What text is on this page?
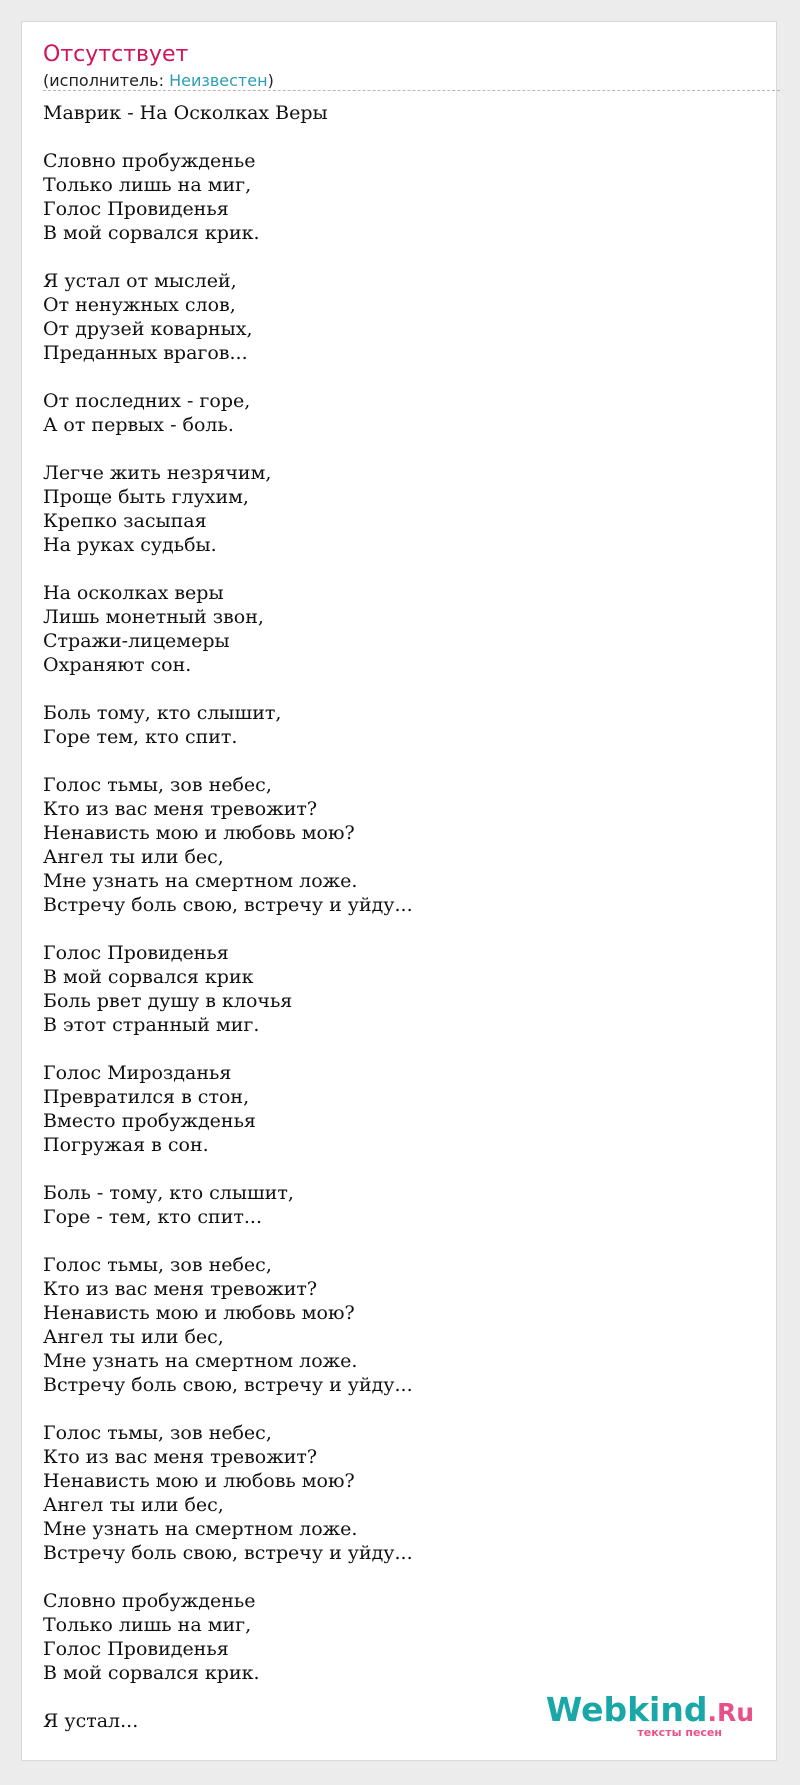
Отсутствует
(исполнитель: Неизвестен)
Маврик - На Осколках Веры
Словно пробужденье
Только лишь на миг,
Голос Провиденья
В мой сорвался крик.
Я устал от мыслей,
От ненужных слов,
От друзей коварных,
Преданных врагов...
От последних - горе,
А от первых - боль.
Легче жить незрячим,
Проще быть глухим,
Крепко засыпая
На руках судьбы.
На осколках веры
Лишь монетный звон,
Стражи-лицемеры
Охраняют сон.
Боль тому, кто слышит,
Горе тем, кто спит.
Голос тьмы, зов небес,
Кто из вас меня тревожит?
Ненависть мою и любовь мою?
Ангел ты или бес,
Мне узнать на смертном ложе.
Встречу боль свою, встречу и уйду...
Голос Провиденья
В мой сорвался крик
Боль рвет душу в клочья
В этот странный миг.
Голос Мирозданья
Превратился в стон,
Вместо пробужденья
Погружая в сон.
Боль - тому, кто слышит,
Горе - тем, кто спит...
Голос тьмы, зов небес,
Кто из вас меня тревожит?
Ненависть мою и любовь мою?
Ангел ты или бес,
Мне узнать на смертном ложе.
Встречу боль свою, встречу и уйду...
Голос тьмы, зов небес,
Кто из вас меня тревожит?
Ненависть мою и любовь мою?
Ангел ты или бес,
Мне узнать на смертном ложе.
Встречу боль свою, встречу и уйду...
Словно пробужденье
Только лишь на миг,
Голос Провиденья
В мой сорвался крик.
Я устал...	Webkind.Ru
тексты песен
